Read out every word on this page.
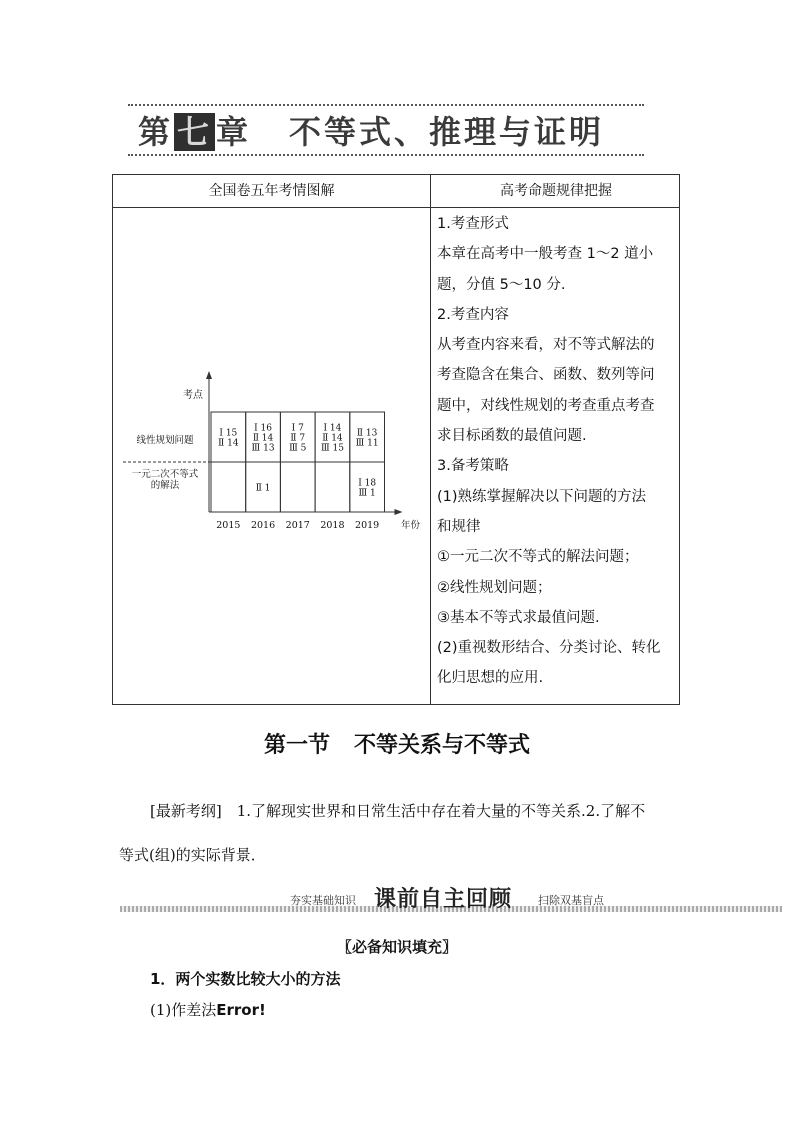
第 七 章 不等式、推理与证明
全国卷五年考情图解	高考命题规律把握
考点
线性规划问题
一元二次不等式
的解法
Ⅰ 15
Ⅱ 14
Ⅰ 16
Ⅱ 14
Ⅲ 13
Ⅰ 7
Ⅱ 7
Ⅲ 5
Ⅰ 14
Ⅱ 14
Ⅲ 15
Ⅱ 13
Ⅲ 11
Ⅱ 1	Ⅰ 18
Ⅲ 1
2015 2016 2017 2018 2019 年份
1.考查形式
本章在高考中一般考查 1～2 道小
题，分值 5～10 分.
2.考查内容
从考查内容来看，对不等式解法的
考查隐含在集合、函数、数列等问
题中，对线性规划的考查重点考查
求目标函数的最值问题.
3.备考策略
(1)熟练掌握解决以下问题的方法
和规律
①一元二次不等式的解法问题；
②线性规划问题；
③基本不等式求最值问题.
(2)重视数形结合、分类讨论、转化
化归思想的应用.
第一节 不等关系与不等式
[最新考纲]　1.了解现实世界和日常生活中存在着大量的不等关系.2.了解不
等式(组)的实际背景．
夯实基础知识 课前自主回顾 扫除双基盲点
〖必备知识填充〗
1．两个实数比较大小的方法
(1)作差法Error!
